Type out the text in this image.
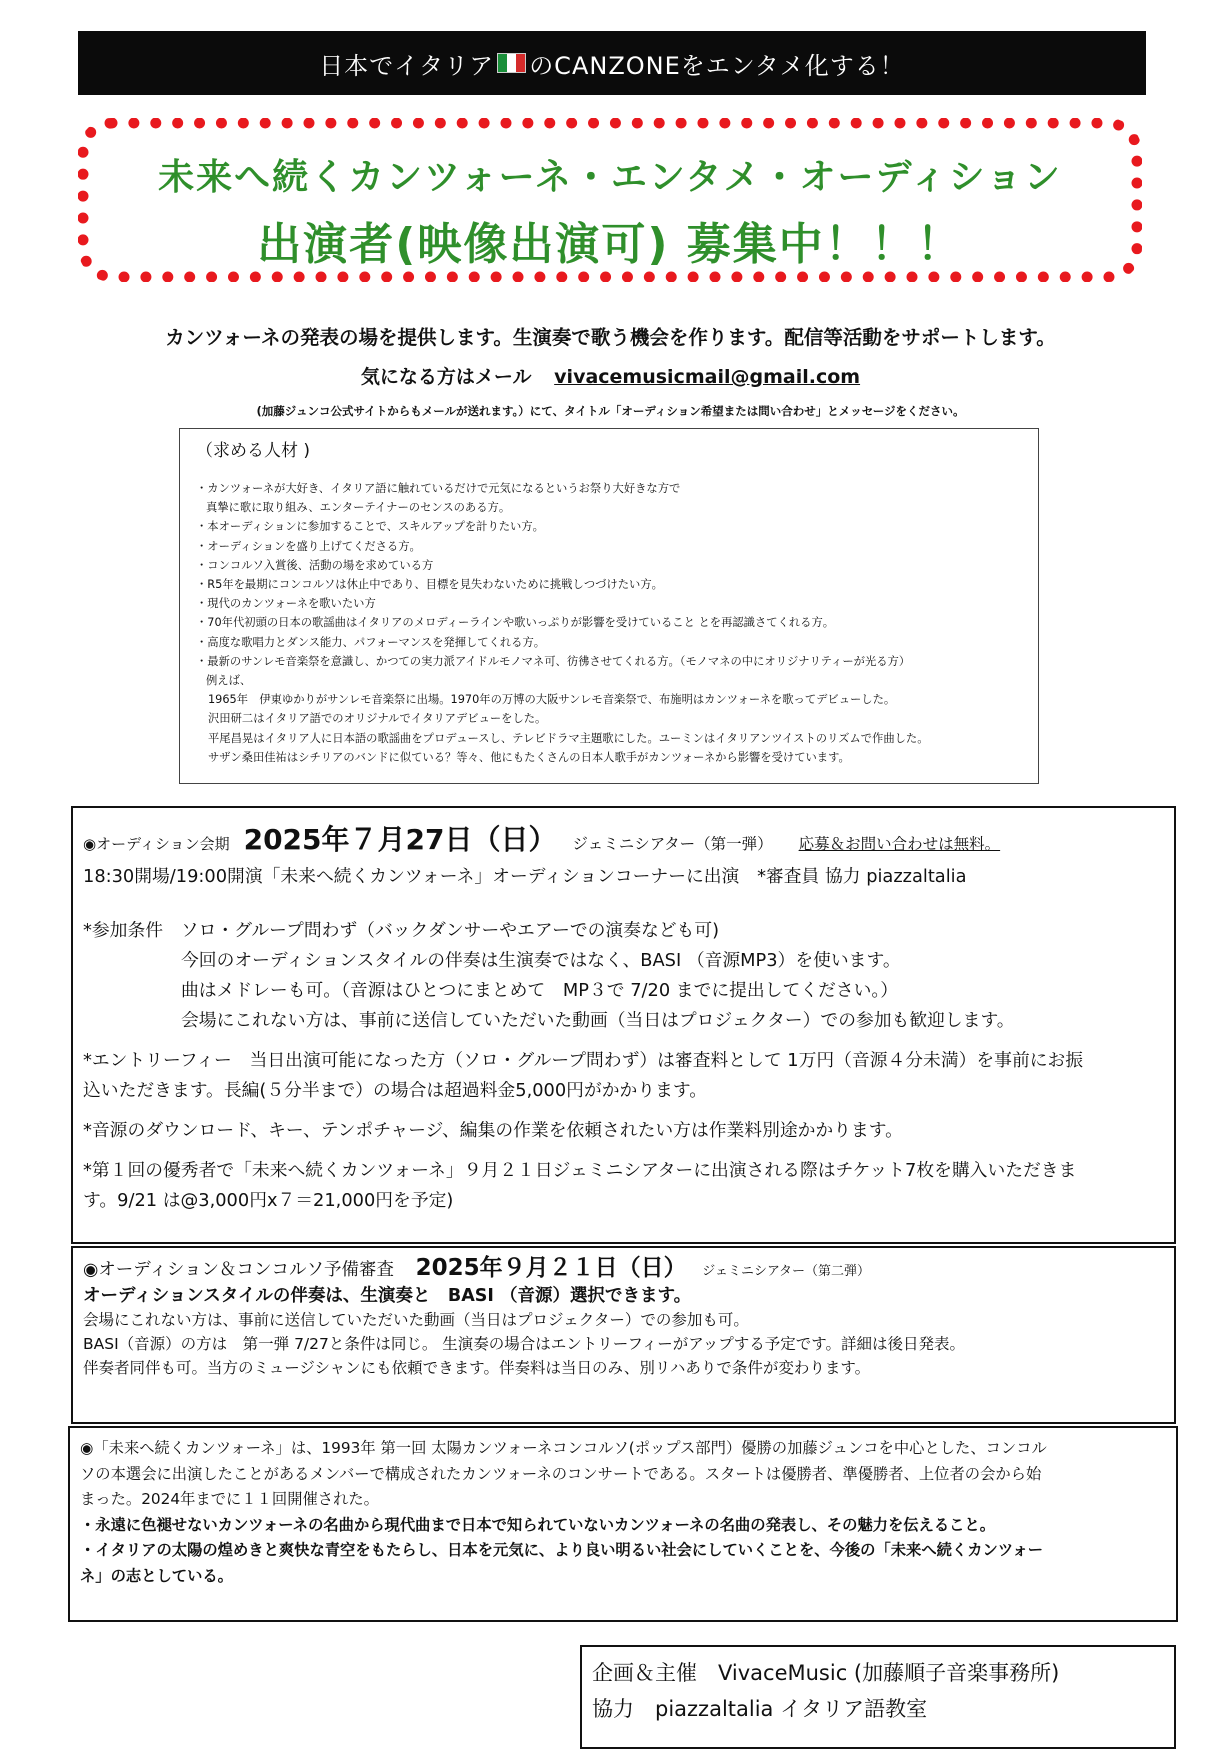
日本でイタリア のCANZONEをエンタメ化する！
未来へ続くカンツォーネ・エンタメ・オーディション
出演者(映像出演可) 募集中！！！
カンツォーネの発表の場を提供します。生演奏で歌う機会を作ります。配信等活動をサポートします。
気になる方はメール vivacemusicmail@gmail.com
(加藤ジュンコ公式サイトからもメールが送れます。）にて、タイトル「オーディション希望または問い合わせ」とメッセージをください。
（求める人材 )
・カンツォーネが大好き、イタリア語に触れているだけで元気になるというお祭り大好きな方で
真摯に歌に取り組み、エンターテイナーのセンスのある方。
・本オーディションに参加することで、スキルアップを計りたい方。
・オーディションを盛り上げてくださる方。
・コンコルソ入賞後、活動の場を求めている方
・R5年を最期にコンコルソは休止中であり、目標を見失わないために挑戦しつづけたい方。
・現代のカンツォーネを歌いたい方
・70年代初頭の日本の歌謡曲はイタリアのメロディーラインや歌いっぷりが影響を受けていること とを再認識さてくれる方。
・高度な歌唱力とダンス能力、パフォーマンスを発揮してくれる方。
・最新のサンレモ音楽祭を意識し、かつての実力派アイドルモノマネ可、彷彿させてくれる方。（モノマネの中にオリジナリティーが光る方）
例えば、
1965年　伊東ゆかりがサンレモ音楽祭に出場。1970年の万博の大阪サンレモ音楽祭で、布施明はカンツォーネを歌ってデビューした。
沢田研二はイタリア語でのオリジナルでイタリアデビューをした。
平尾昌晃はイタリア人に日本語の歌謡曲をプロデュースし、テレビドラマ主題歌にした。ユーミンはイタリアンツイストのリズムで作曲した。
サザン桑田佳祐はシチリアのバンドに似ている？等々、他にもたくさんの日本人歌手がカンツォーネから影響を受けています。
◉オーディション会期 2025年７月27日（日） ジェミニシアター（第一弾） 応募＆お問い合わせは無料。

18:30開場/19:00開演「未来へ続くカンツォーネ」オーディションコーナーに出演　*審査員 協力 piazzaltalia

*参加条件　ソロ・グループ問わず（バックダンサーやエアーでの演奏なども可)

今回のオーディションスタイルの伴奏は生演奏ではなく、BASI （音源MP3）を使います。

曲はメドレーも可。（音源はひとつにまとめて　MP３で 7/20 までに提出してください。）

会場にこれない方は、事前に送信していただいた動画（当日はプロジェクター）での参加も歓迎します。

*エントリーフィー　当日出演可能になった方（ソロ・グループ問わず）は審査料として 1万円（音源４分未満）を事前にお振

込いただきます。長編(５分半まで）の場合は超過料金5,000円がかかります。

*音源のダウンロード、キー、テンポチャージ、編集の作業を依頼されたい方は作業料別途かかります。

*第１回の優秀者で「未来へ続くカンツォーネ」９月２１日ジェミニシアターに出演される際はチケット7枚を購入いただきま

す。9/21 は@3,000円x７＝21,000円を予定)

◉オーディション＆コンコルソ予備審査 2025年９月２１日（日） ジェミニシアター（第二弾）
オーディションスタイルの伴奏は、生演奏と　BASI （音源）選択できます。
会場にこれない方は、事前に送信していただいた動画（当日はプロジェクター）での参加も可。
BASI（音源）の方は　第一弾 7/27と条件は同じ。 生演奏の場合はエントリーフィーがアップする予定です。詳細は後日発表。
伴奏者同伴も可。当方のミュージシャンにも依頼できます。伴奏料は当日のみ、別リハありで条件が変わります。

◉「未来へ続くカンツォーネ」は、1993年 第一回 太陽カンツォーネコンコルソ(ポップス部門）優勝の加藤ジュンコを中心とした、コンコル

ソの本選会に出演したことがあるメンバーで構成されたカンツォーネのコンサートである。スタートは優勝者、準優勝者、上位者の会から始

まった。2024年までに１１回開催された。

・永遠に色褪せないカンツォーネの名曲から現代曲まで日本で知られていないカンツォーネの名曲の発表し、その魅力を伝えること。

・イタリアの太陽の煌めきと爽快な青空をもたらし、日本を元気に、より良い明るい社会にしていくことを、今後の「未来へ続くカンツォー

ネ」の志としている。

企画＆主催　VivaceMusic (加藤順子音楽事務所)

協力　piazzaltalia イタリア語教室
